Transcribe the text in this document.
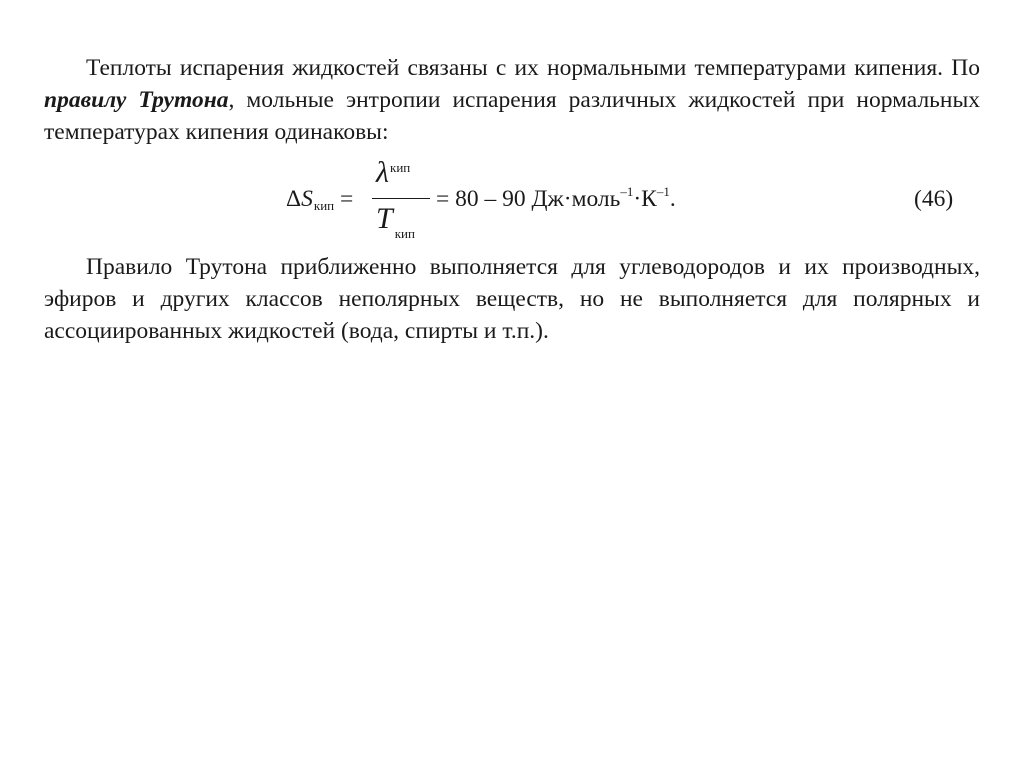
Теплоты испарения жидкостей связаны с их нормальными температурами кипения. По правилу Трутона, мольные энтропии испарения различных жидкостей при нормальных температурах кипения одинаковы:

ΔSкип =
$\lambda^{кип}$
T $_{кип}$
= 80 – 90 $Дж\cdot моль^{-1}\cdot К^{-1}$.	(46)

Правило Трутона приближенно выполняется для углеводородов и их производных, эфиров и других классов неполярных веществ, но не выполняется для полярных и ассоциированных жидкостей (вода, спирты и т.п.).
